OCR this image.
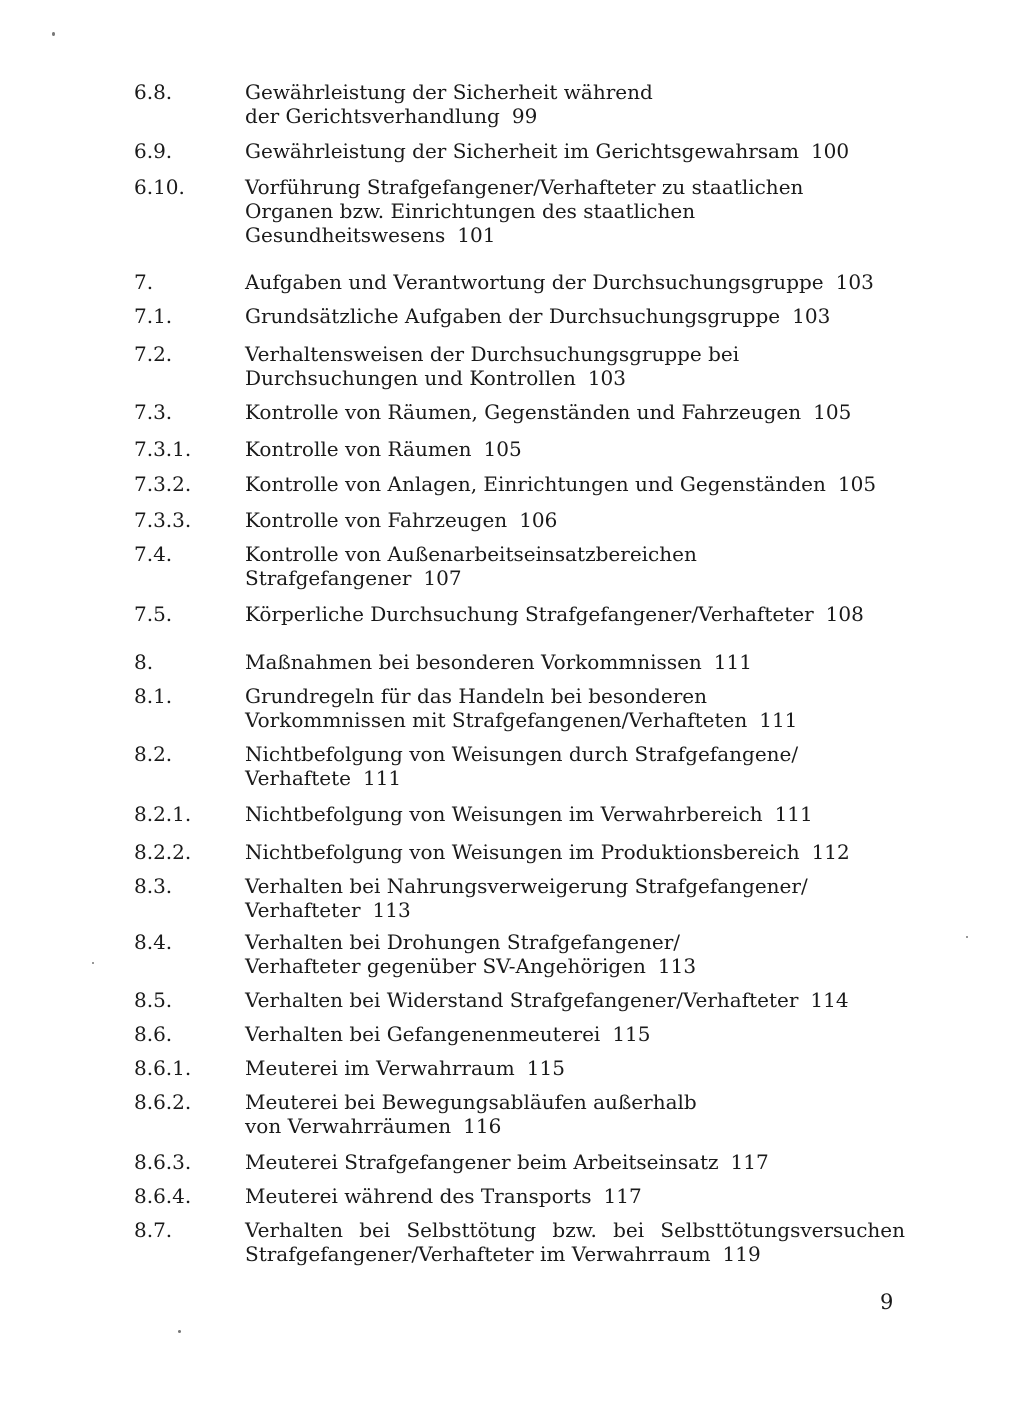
6.8.	Gewährleistung der Sicherheit während
der Gerichtsverhandlung 99
6.9.	Gewährleistung der Sicherheit im Gerichtsgewahrsam 100
6.10.	Vorführung Strafgefangener/Verhafteter zu staatlichen
Organen bzw. Einrichtungen des staatlichen
Gesundheitswesens 101
7.	Aufgaben und Verantwortung der Durchsuchungsgruppe 103
7.1.	Grundsätzliche Aufgaben der Durchsuchungsgruppe 103
7.2.	Verhaltensweisen der Durchsuchungsgruppe bei
Durchsuchungen und Kontrollen 103
7.3.	Kontrolle von Räumen, Gegenständen und Fahrzeugen 105
7.3.1.	Kontrolle von Räumen 105
7.3.2.	Kontrolle von Anlagen, Einrichtungen und Gegenständen 105
7.3.3.	Kontrolle von Fahrzeugen 106
7.4.	Kontrolle von Außenarbeitseinsatzbereichen
Strafgefangener 107
7.5.	Körperliche Durchsuchung Strafgefangener/Verhafteter 108
8.	Maßnahmen bei besonderen Vorkommnissen 111
8.1.	Grundregeln für das Handeln bei besonderen
Vorkommnissen mit Strafgefangenen/Verhafteten 111
8.2.	Nichtbefolgung von Weisungen durch Strafgefangene/
Verhaftete 111
8.2.1.	Nichtbefolgung von Weisungen im Verwahrbereich 111
8.2.2.	Nichtbefolgung von Weisungen im Produktionsbereich 112
8.3.	Verhalten bei Nahrungsverweigerung Strafgefangener/
Verhafteter 113
8.4.	Verhalten bei Drohungen Strafgefangener/
Verhafteter gegenüber SV-Angehörigen 113
8.5.	Verhalten bei Widerstand Strafgefangener/Verhafteter 114
8.6.	Verhalten bei Gefangenenmeuterei 115
8.6.1.	Meuterei im Verwahrraum 115
8.6.2.	Meuterei bei Bewegungsabläufen außerhalb
von Verwahrräumen 116
8.6.3.	Meuterei Strafgefangener beim Arbeitseinsatz 117
8.6.4.	Meuterei während des Transports 117
8.7.	Verhalten bei Selbsttötung bzw. bei Selbsttötungsversuchen
Strafgefangener/Verhafteter im Verwahrraum 119
9
